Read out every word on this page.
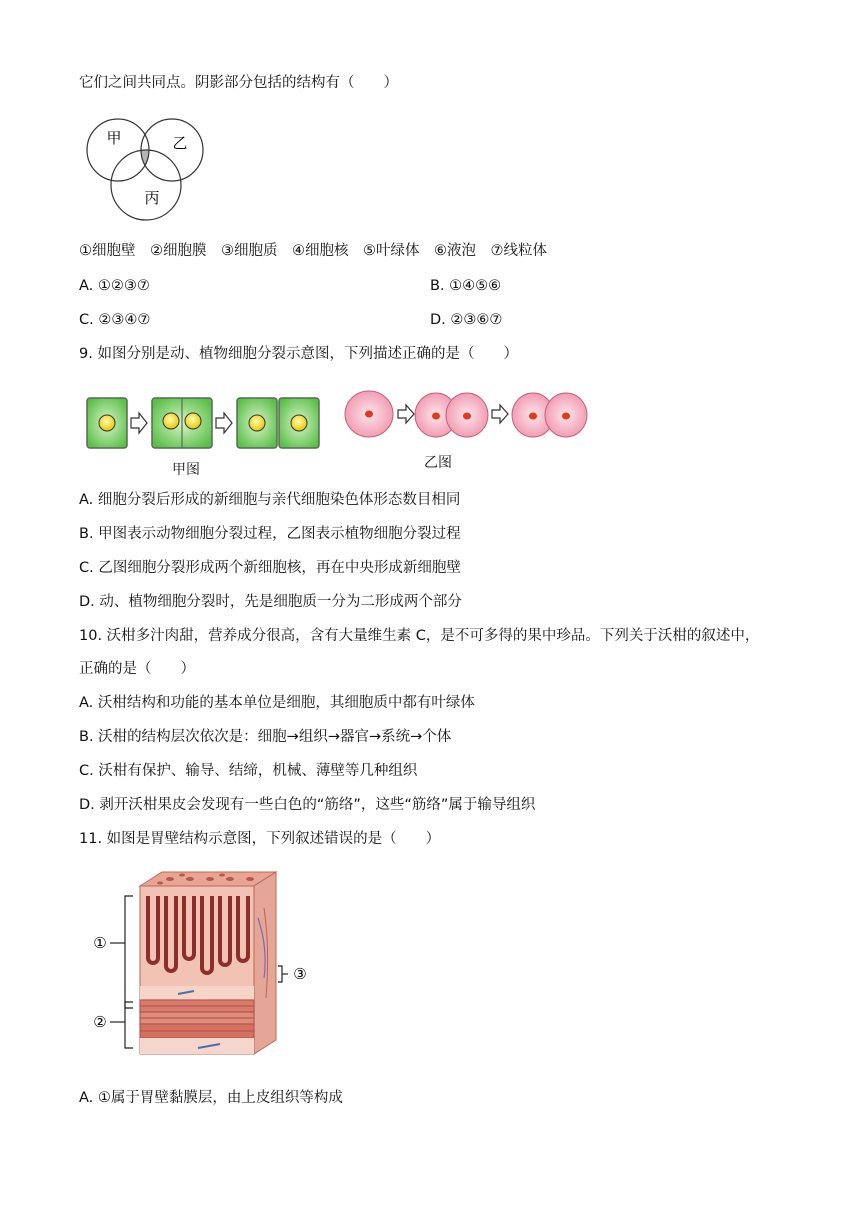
它们之间共同点。阴影部分包括的结构有（　　）
甲	乙
丙
①细胞壁　②细胞膜　③细胞质　④细胞核　⑤叶绿体　⑥液泡　⑦线粒体
A. ①②③⑦	B. ①④⑤⑥
C. ②③④⑦	D. ②③⑥⑦
9. 如图分别是动、植物细胞分裂示意图，下列描述正确的是（　　）
甲图	乙图
A. 细胞分裂后形成的新细胞与亲代细胞染色体形态数目相同
B. 甲图表示动物细胞分裂过程，乙图表示植物细胞分裂过程
C. 乙图细胞分裂形成两个新细胞核，再在中央形成新细胞壁
D. 动、植物细胞分裂时，先是细胞质一分为二形成两个部分
10. 沃柑多汁肉甜，营养成分很高，含有大量维生素 C，是不可多得的果中珍品。下列关于沃柑的叙述中，
正确的是（　　）
A. 沃柑结构和功能的基本单位是细胞，其细胞质中都有叶绿体
B. 沃柑的结构层次依次是：细胞→组织→器官→系统→个体
C. 沃柑有保护、输导、结缔，机械、薄壁等几种组织
D. 剥开沃柑果皮会发现有一些白色的“筋络”，这些“筋络”属于输导组织
11. 如图是胃壁结构示意图，下列叙述错误的是（　　）
①
②
③
A. ①属于胃壁黏膜层，由上皮组织等构成
